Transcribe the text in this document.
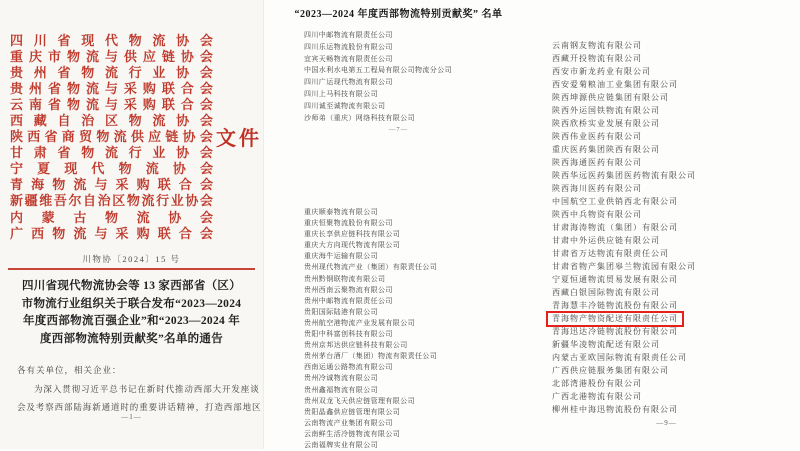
四 川 省 现 代 物 流 协 会
重 庆 市 物 流 与 供 应 链 协 会
贵 州 省 物 流 行 业 协 会
贵 州 省 物 流 与 采 购 联 合 会
云 南 省 物 流 与 采 购 联 合 会
西 藏 自 治 区 物 流 协 会
陕 西 省 商 贸 物 流 供 应 链 协 会
甘 肃 省 物 流 行 业 协 会
宁 夏 现 代 物 流 协 会
青 海 物 流 与 采 购 联 合 会
新 疆 维 吾 尔 自 治 区 物 流 行 业 协 会
内 蒙 古 物 流 协 会
广 西 物 流 与 采 购 联 合 会
文件
川物协〔2024〕15 号
四川省现代物流协会等 13 家西部省（区）
市物流行业组织关于联合发布“2023—2024
年度西部物流百强企业”和“2023—2024 年
度西部物流特别贡献奖”名单的通告
各有关单位，相关企业：
为深入贯彻习近平总书记在新时代推动西部大开发座谈
会及考察西部陆海新通道时的重要讲话精神，打造西部地区
—1—
“2023—2024 年度西部物流特别贡献奖” 名单
四川中邮物流有限责任公司
四川乐运物流股份有限公司
宜宾天畅物流有限责任公司
中国水利水电第五工程局有限公司物流分公司
四川广运现代物流有限公司
四川上马科技有限公司
四川诚至诚物流有限公司
沙师弟（重庆）网络科技有限公司
—7—
重庆顺泰物流有限公司
重庆恒聚物流股份有限公司
重庆长享供应链科技有限公司
重庆大方向现代物流有限公司
重庆海牛运输有限公司
贵州现代物流产业（集团）有限责任公司
贵州黔钢联物流有限公司
贵州西南云聚物流有限公司
贵州中邮物流有限责任公司
贵阳国际陆港有限公司
贵州航空港物流产业发展有限公司
贵阳中科富创科技有限公司
贵州京邦达供应链科技有限公司
贵州茅台酒厂（集团）物流有限责任公司
西南运通公路物流有限公司
贵州冷诚物流有限公司
贵州鑫福物流有限公司
贵州双龙飞天供应链管理有限公司
贵阳晶鑫供应链管理有限公司
云南物流产业集团有限公司
云南鲜生活冷链物流有限公司
云南福牌实业有限公司
云南钢友物流有限公司
西藏开投物流有限公司
西安市新龙药业有限公司
西安爱菊粮油工业集团有限公司
陕西坤源供应链集团有限公司
陕西外运国铁物流有限公司
陕西欣桥实业发展有限公司
陕西伟业医药有限公司
重庆医药集团陕西有限公司
陕西海通医药有限公司
陕西华远医药集团医药物流有限公司
陕西海川医药有限公司
中国航空工业供销西北有限公司
陕西中兵物资有限公司
甘肃海涛物流（集团）有限公司
甘肃中外运供应链有限公司
甘肃省万达物流有限责任公司
甘肃省物产集团皋兰物流园有限公司
宁夏恒通物流贸易发展有限公司
西藏白银国际物流有限公司
青海慧丰冷链物流股份有限公司
青海物产物资配送有限责任公司
青海迅达冷链物流股份有限公司
新疆华凌物流配送有限公司
内蒙古亚欧国际物流有限责任公司
广西供应链服务集团有限公司
北部湾港股份有限公司
广西北港物流有限公司
柳州桂中海迅物流股份有限公司
—9—
